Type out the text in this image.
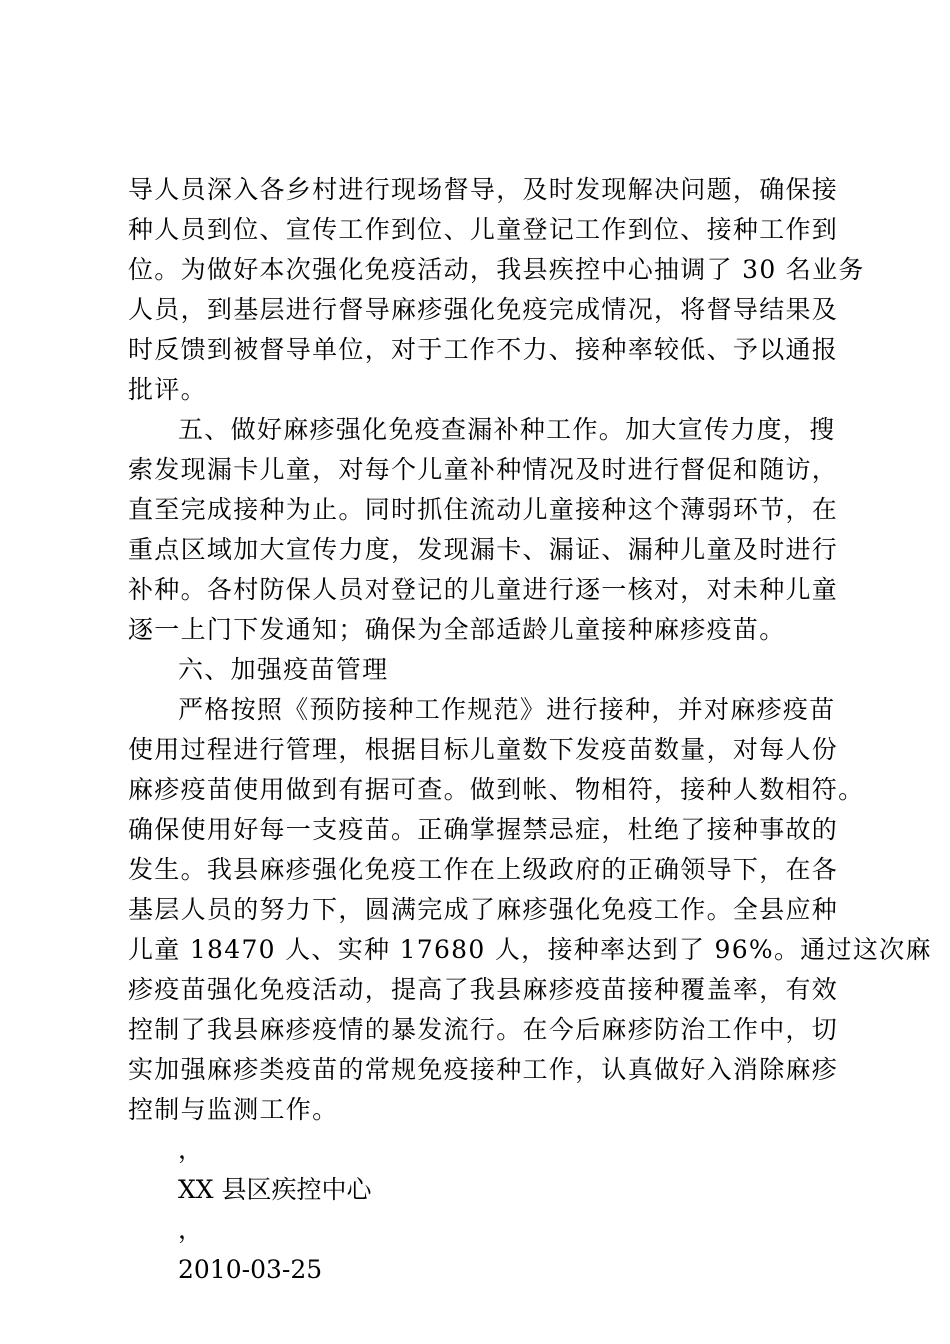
导人员深入各乡村进行现场督导，及时发现解决问题，确保接
种人员到位、宣传工作到位、儿童登记工作到位、接种工作到
位。为做好本次强化免疫活动，我县疾控中心抽调了 30 名业务
人员，到基层进行督导麻疹强化免疫完成情况，将督导结果及
时反馈到被督导单位，对于工作不力、接种率较低、予以通报
批评。
五、做好麻疹强化免疫查漏补种工作。加大宣传力度，搜
索发现漏卡儿童，对每个儿童补种情况及时进行督促和随访，
直至完成接种为止。同时抓住流动儿童接种这个薄弱环节，在
重点区域加大宣传力度，发现漏卡、漏证、漏种儿童及时进行
补种。各村防保人员对登记的儿童进行逐一核对，对未种儿童
逐一上门下发通知；确保为全部适龄儿童接种麻疹疫苗。
六、加强疫苗管理
严格按照《预防接种工作规范》进行接种，并对麻疹疫苗
使用过程进行管理，根据目标儿童数下发疫苗数量，对每人份
麻疹疫苗使用做到有据可查。做到帐、物相符，接种人数相符。
确保使用好每一支疫苗。正确掌握禁忌症，杜绝了接种事故的
发生。我县麻疹强化免疫工作在上级政府的正确领导下，在各
基层人员的努力下，圆满完成了麻疹强化免疫工作。全县应种
儿童 18470 人、实种 17680 人，接种率达到了 96%。通过这次麻
疹疫苗强化免疫活动，提高了我县麻疹疫苗接种覆盖率，有效
控制了我县麻疹疫情的暴发流行。在今后麻疹防治工作中，切
实加强麻疹类疫苗的常规免疫接种工作，认真做好入消除麻疹
控制与监测工作。
，
XX 县区疾控中心
，
2010-03-25
